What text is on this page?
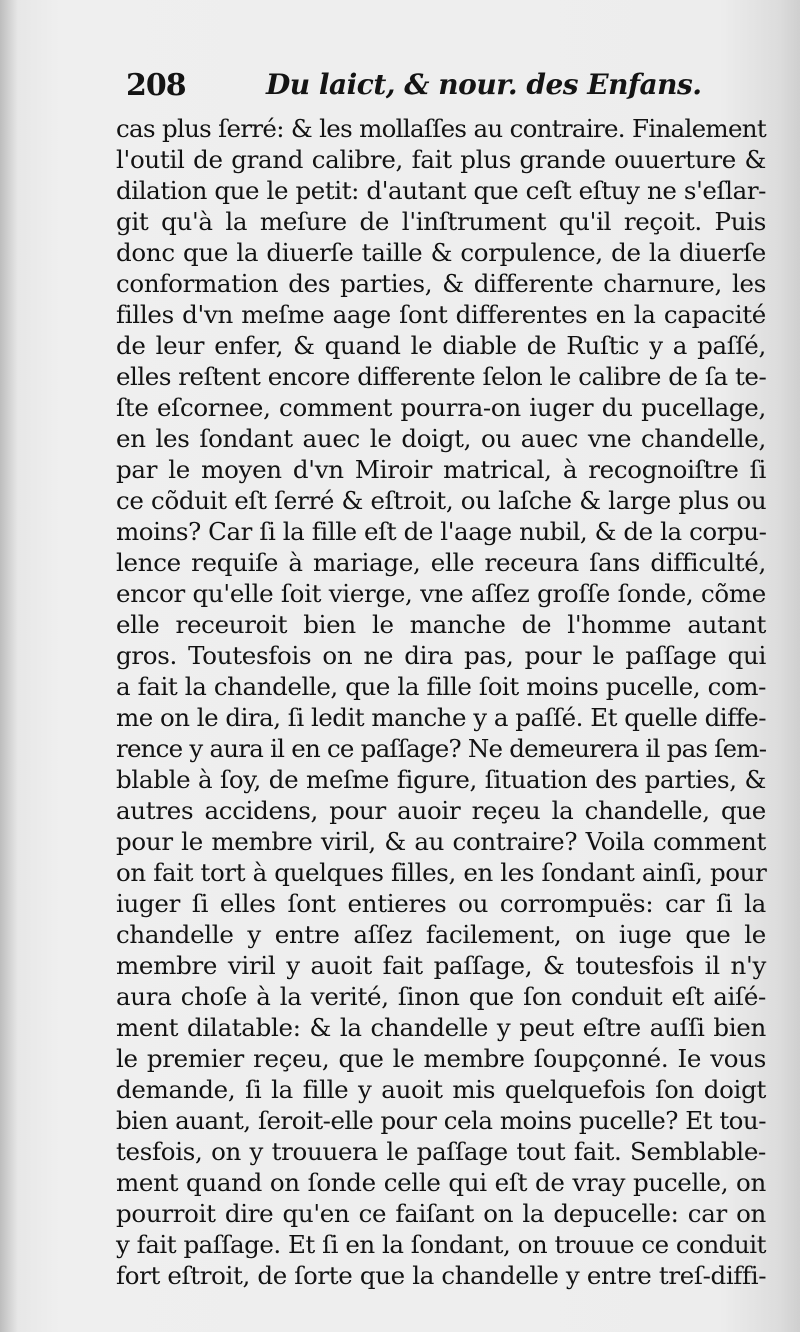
208	Du laict, & nour. des Enfans.
cas plus ſerré: & les mollaſſes au contraire. Finalement
l'outil de grand calibre, fait plus grande ouuerture &
dilation que le petit: d'autant que ceſt eſtuy ne s'eſlar-
git qu'à la meſure de l'inſtrument qu'il reçoit. Puis
donc que la diuerſe taille & corpulence, de la diuerſe
conformation des parties, & differente charnure, les
filles d'vn meſme aage ſont differentes en la capacité
de leur enfer, & quand le diable de Ruſtic y a paſſé,
elles reſtent encore differente ſelon le calibre de ſa te-
ſte eſcornee, comment pourra-on iuger du pucellage,
en les ſondant auec le doigt, ou auec vne chandelle,
par le moyen d'vn Miroir matrical, à recognoiſtre ſi
ce cõduit eſt ſerré & eſtroit, ou laſche & large plus ou
moins? Car ſi la fille eſt de l'aage nubil, & de la corpu-
lence requiſe à mariage, elle receura ſans difficulté,
encor qu'elle ſoit vierge, vne aſſez groſſe ſonde, cõme
elle receuroit bien le manche de l'homme autant
gros. Toutesfois on ne dira pas, pour le paſſage qui
a fait la chandelle, que la fille ſoit moins pucelle, com-
me on le dira, ſi ledit manche y a paſſé. Et quelle diffe-
rence y aura il en ce paſſage? Ne demeurera il pas ſem-
blable à ſoy, de meſme figure, ſituation des parties, &
autres accidens, pour auoir reçeu la chandelle, que
pour le membre viril, & au contraire? Voila comment
on fait tort à quelques filles, en les ſondant ainſi, pour
iuger ſi elles ſont entieres ou corrompuës: car ſi la
chandelle y entre aſſez facilement, on iuge que le
membre viril y auoit fait paſſage, & toutesfois il n'y
aura choſe à la verité, ſinon que ſon conduit eſt aiſé-
ment dilatable: & la chandelle y peut eſtre auſſi bien
le premier reçeu, que le membre ſoupçonné. Ie vous
demande, ſi la fille y auoit mis quelquefois ſon doigt
bien auant, ſeroit-elle pour cela moins pucelle? Et tou-
tesfois, on y trouuera le paſſage tout fait. Semblable-
ment quand on ſonde celle qui eſt de vray pucelle, on
pourroit dire qu'en ce faiſant on la depucelle: car on
y fait paſſage. Et ſi en la ſondant, on trouue ce conduit
fort eſtroit, de ſorte que la chandelle y entre treſ-diffi-
